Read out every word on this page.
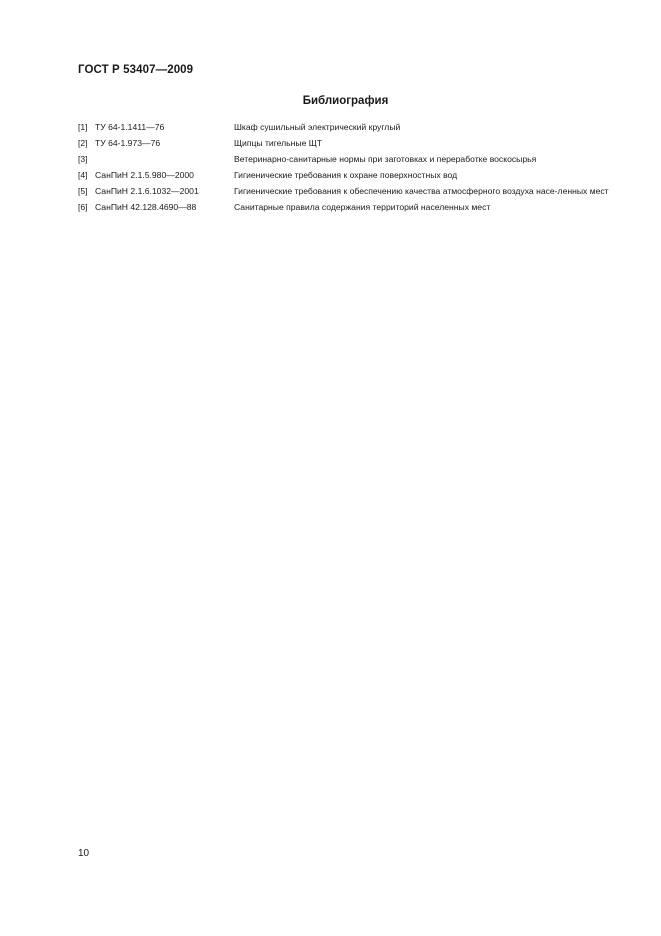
ГОСТ Р 53407—2009
Библиография
[1] ТУ 64-1.1411—76	Шкаф сушильный электрический круглый
[2] ТУ 64-1.973—76	Щипцы тигельные ЩТ
[3]	Ветеринарно-санитарные нормы при заготовках и переработке воскосырья
[4] СанПиН 2.1.5.980—2000	Гигиенические требования к охране поверхностных вод
[5] СанПиН 2.1.6.1032—2001	Гигиенические требования к обеспечению качества атмосферного воздуха насе-ленных мест
[6] СанПиН 42.128.4690—88	Санитарные правила содержания территорий населенных мест
10
